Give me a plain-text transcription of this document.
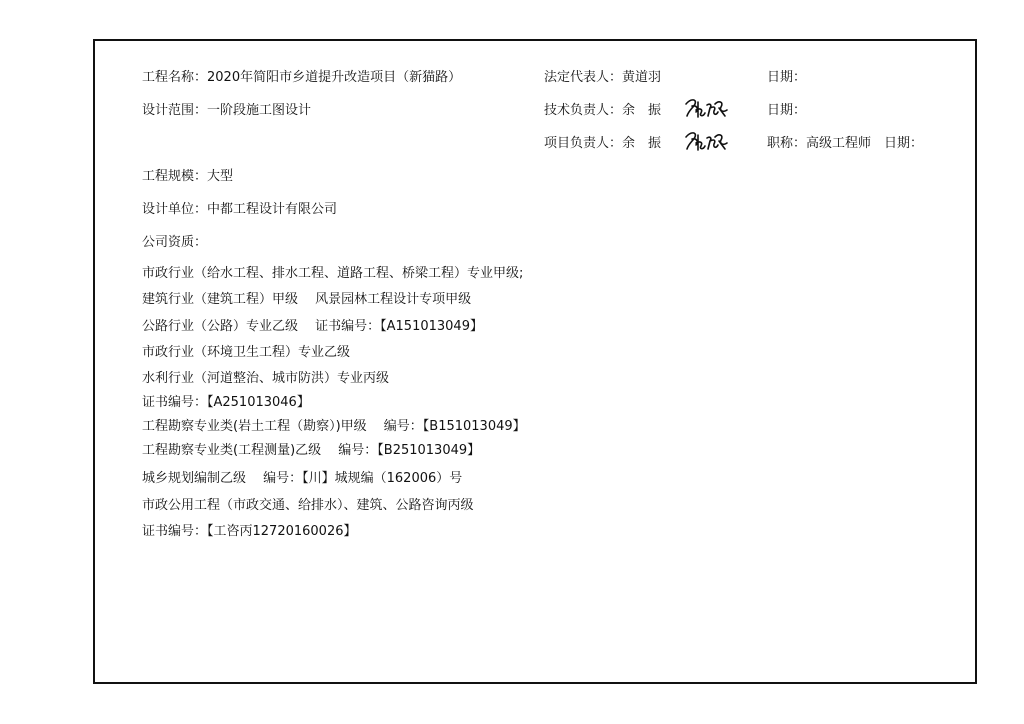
工程名称：2020年简阳市乡道提升改造项目（新猫路）
设计范围：一阶段施工图设计
法定代表人：黄道羽	日期：
技术负责人：余　振	日期：
项目负责人：余　振	职称：高级工程师　日期：
工程规模：大型
设计单位：中都工程设计有限公司
公司资质：
市政行业（给水工程、排水工程、道路工程、桥梁工程）专业甲级;
建筑行业（建筑工程）甲级　 风景园林工程设计专项甲级
公路行业（公路）专业乙级　 证书编号：【A151013049】
市政行业（环境卫生工程）专业乙级
水利行业（河道整治、城市防洪）专业丙级
证书编号：【A251013046】
工程勘察专业类(岩土工程（勘察）)甲级　 编号：【B151013049】
工程勘察专业类(工程测量)乙级　 编号：【B251013049】
城乡规划编制乙级　 编号：【川】城规编（162006）号
市政公用工程（市政交通、给排水）、建筑、公路咨询丙级
证书编号：【工咨丙12720160026】
